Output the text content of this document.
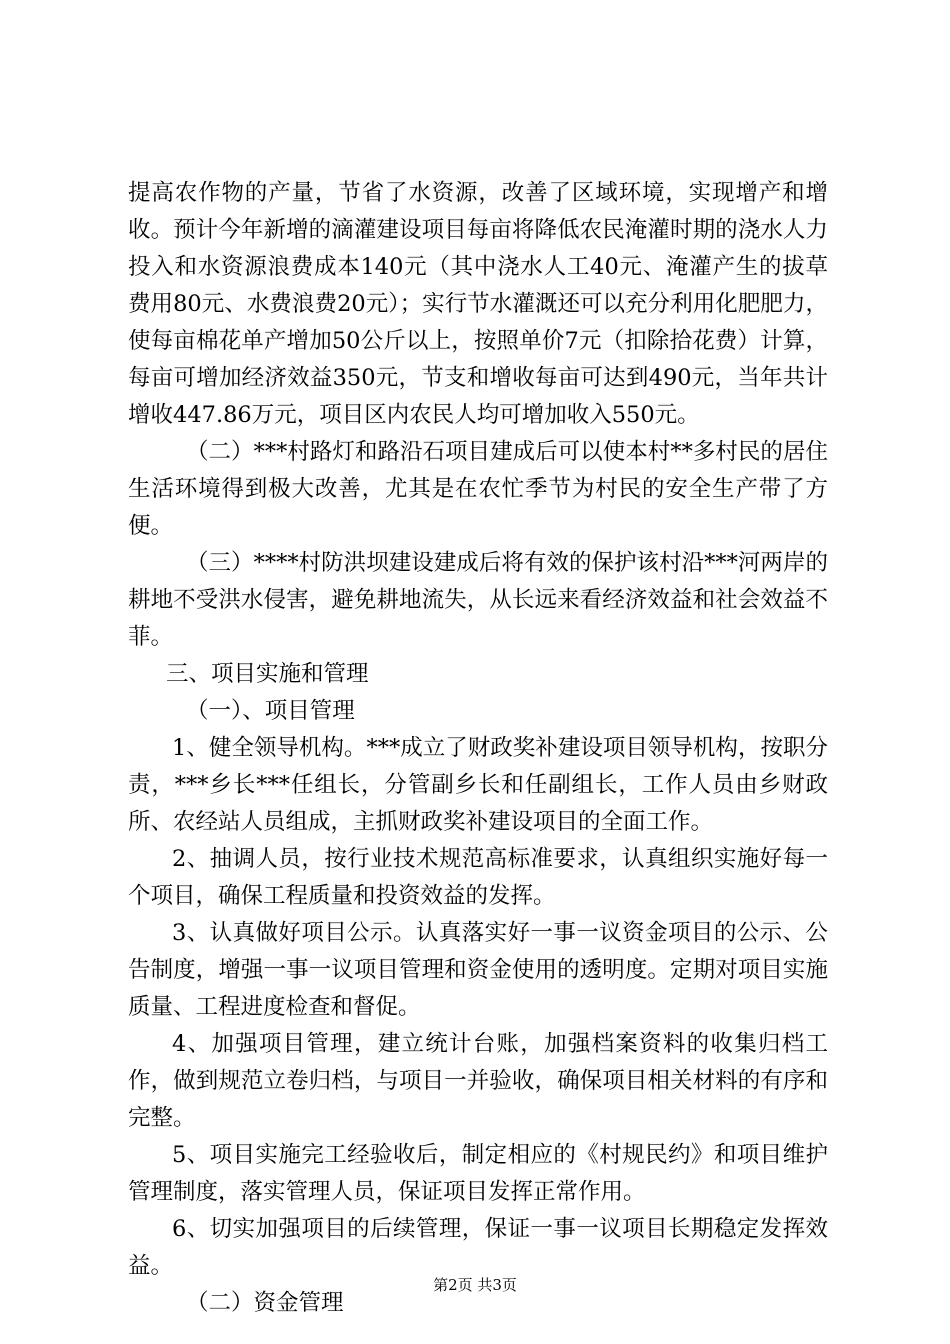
提高农作物的产量，节省了水资源，改善了区域环境，实现增产和增收。预计今年新增的滴灌建设项目每亩将降低农民淹灌时期的浇水人力投入和水资源浪费成本140元（其中浇水人工40元、淹灌产生的拔草费用80元、水费浪费20元）；实行节水灌溉还可以充分利用化肥肥力，使每亩棉花单产增加50公斤以上，按照单价7元（扣除拾花费）计算，每亩可增加经济效益350元，节支和增收每亩可达到490元，当年共计增收447.86万元，项目区内农民人均可增加收入550元。

（二）***村路灯和路沿石项目建成后可以使本村**多村民的居住生活环境得到极大改善，尤其是在农忙季节为村民的安全生产带了方便。

（三）****村防洪坝建设建成后将有效的保护该村沿***河两岸的耕地不受洪水侵害，避免耕地流失，从长远来看经济效益和社会效益不菲。

三、项目实施和管理

（一）、项目管理

1、健全领导机构。***成立了财政奖补建设项目领导机构，按职分责，***乡长***任组长，分管副乡长和任副组长，工作人员由乡财政所、农经站人员组成，主抓财政奖补建设项目的全面工作。

2、抽调人员，按行业技术规范高标准要求，认真组织实施好每一个项目，确保工程质量和投资效益的发挥。

3、认真做好项目公示。认真落实好一事一议资金项目的公示、公告制度，增强一事一议项目管理和资金使用的透明度。定期对项目实施质量、工程进度检查和督促。

4、加强项目管理，建立统计台账，加强档案资料的收集归档工作，做到规范立卷归档，与项目一并验收，确保项目相关材料的有序和完整。

5、项目实施完工经验收后，制定相应的《村规民约》和项目维护管理制度，落实管理人员，保证项目发挥正常作用。

6、切实加强项目的后续管理，保证一事一议项目长期稳定发挥效益。

（二）资金管理

第2页 共3页
